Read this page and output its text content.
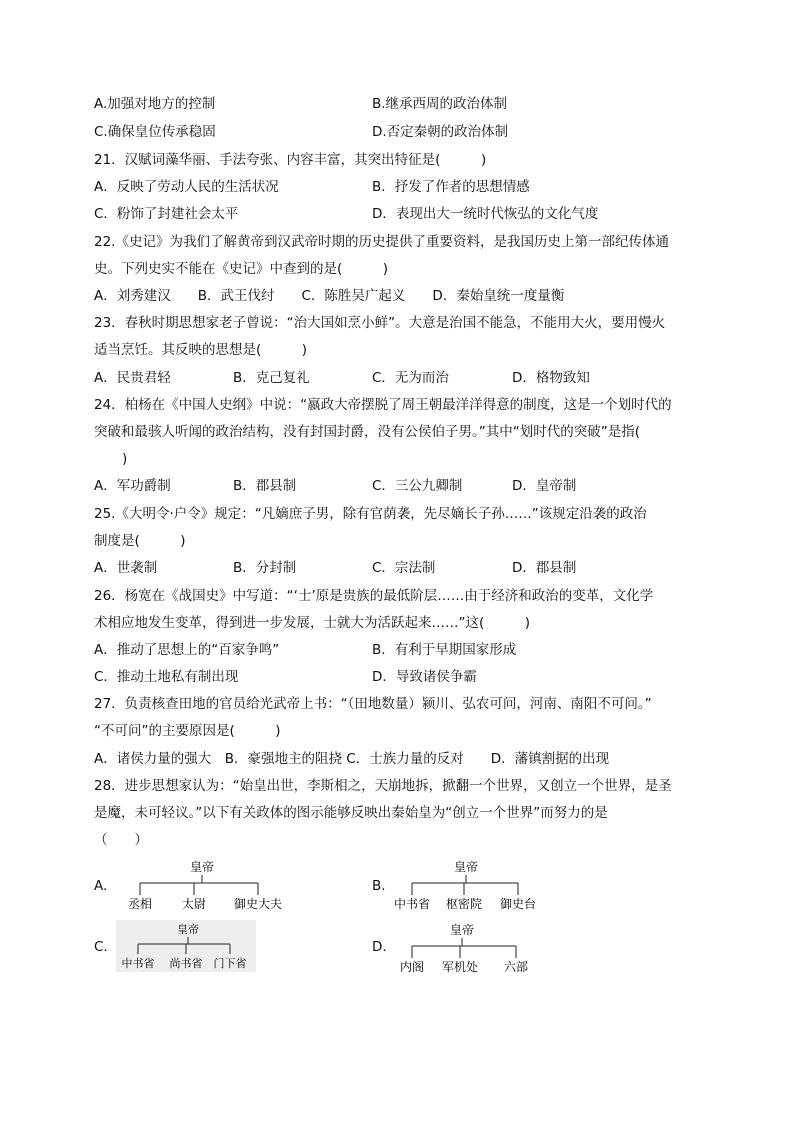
A.加强对地方的控制	B.继承西周的政治体制
C.确保皇位传承稳固	D.否定秦朝的政治体制
21．汉赋词藻华丽、手法夸张、内容丰富，其突出特征是(　　　)
A．反映了劳动人民的生活状况	B．抒发了作者的思想情感
C．粉饰了封建社会太平	D．表现出大一统时代恢弘的文化气度
22.《史记》为我们了解黄帝到汉武帝时期的历史提供了重要资料，是我国历史上第一部纪传体通
史。下列史实不能在《史记》中查到的是(　　　)
A．刘秀建汉　　B．武王伐纣　　C．陈胜吴广起义　　D．秦始皇统一度量衡
23．春秋时期思想家老子曾说：“治大国如烹小鲜”。大意是治国不能急，不能用大火，要用慢火
适当烹饪。其反映的思想是(　　　)
A．民贵君轻	B．克己复礼	C．无为而治	D．格物致知
24．柏杨在《中国人史纲》中说：“嬴政大帝摆脱了周王朝最洋洋得意的制度，这是一个划时代的
突破和最骇人听闻的政治结构，没有封国封爵，没有公侯伯子男。”其中“划时代的突破”是指(
)
A．军功爵制	B．郡县制	C．三公九卿制	D．皇帝制
25.《大明令·户令》规定：“凡嫡庶子男，除有官荫袭，先尽嫡长子孙……”该规定沿袭的政治
制度是(　　　)
A．世袭制	B．分封制	C．宗法制	D．郡县制
26．杨宽在《战国史》中写道：“‘士’原是贵族的最低阶层……由于经济和政治的变革，文化学
术相应地发生变革，得到进一步发展，士就大为活跃起来……”这(　　　)
A．推动了思想上的“百家争鸣”	B．有利于早期国家形成
C．推动土地私有制出现	D．导致诸侯争霸
27．负责核查田地的官员给光武帝上书：“（田地数量）颍川、弘农可问，河南、南阳不可问。”
“不可问”的主要原因是(　　　)
A．诸侯力量的强大　B．豪强地主的阻挠 C．士族力量的反对　　D．藩镇割据的出现
28．进步思想家认为：“始皇出世，李斯相之，天崩地拆，掀翻一个世界，又创立一个世界，是圣
是魔，未可轻议。”以下有关政体的图示能够反映出秦始皇为“创立一个世界”而努力的是
（　　）
A.
皇帝
丞相 太尉 御史大夫
B.
皇帝
中书省 枢密院 御史台
C.
皇帝
中书省 尚书省 门下省
D.
皇帝
内阁 军机处 六部
